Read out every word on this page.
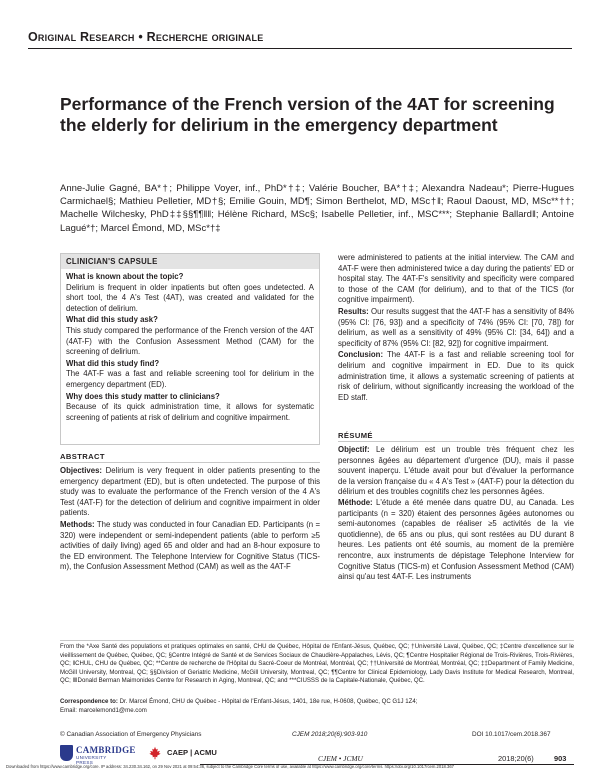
Original Research • Recherche originale
Performance of the French version of the 4AT for screening the elderly for delirium in the emergency department
Anne-Julie Gagné, BA*†; Philippe Voyer, inf., PhD*†‡; Valérie Boucher, BA*†‡; Alexandra Nadeau*; Pierre-Hugues Carmichael§; Mathieu Pelletier, MD†§; Emilie Gouin, MD¶; Simon Berthelot, MD, MSc†‖; Raoul Daoust, MD, MSc**††; Machelle Wilchesky, PhD‡‡§§¶¶‖‖; Hélène Richard, MSc§; Isabelle Pelletier, inf., MSC***; Stephanie Ballard‖; Antoine Lagué*†; Marcel Émond, MD, MSc*†‡
CLINICIAN'S CAPSULE
What is known about the topic?
Delirium is frequent in older inpatients but often goes undetected. A short tool, the 4 A's Test (4AT), was created and validated for the detection of delirium.
What did this study ask?
This study compared the performance of the French version of the 4AT (4AT-F) with the Confusion Assessment Method (CAM) for the screening of delirium.
What did this study find?
The 4AT-F was a fast and reliable screening tool for delirium in the emergency department (ED).
Why does this study matter to clinicians?
Because of its quick administration time, it allows for systematic screening of patients at risk of delirium and cognitive impairment.
ABSTRACT

Objectives: Delirium is very frequent in older patients presenting to the emergency department (ED), but is often undetected. The purpose of this study was to evaluate the performance of the French version of the 4 A's Test (4AT-F) for the detection of delirium and cognitive impairment in older patients.

Methods: The study was conducted in four Canadian ED. Participants (n = 320) were independent or semi-independent patients (able to perform ≥5 activities of daily living) aged 65 and older and had an 8-hour exposure to the ED environment. The Telephone Interview for Cognitive Status (TICS-m), the Confusion Assessment Method (CAM) as well as the 4AT-F

were administered to patients at the initial interview. The CAM and 4AT-F were then administered twice a day during the patients' ED or hospital stay. The 4AT-F's sensitivity and specificity were compared to those of the CAM (for delirium), and to that of the TICS (for cognitive impairment).

Results: Our results suggest that the 4AT-F has a sensitivity of 84% (95% CI: [76, 93]) and a specificity of 74% (95% CI: [70, 78]) for delirium, as well as a sensitivity of 49% (95% CI: [34, 64]) and a specificity of 87% (95% CI: [82, 92]) for cognitive impairment.

Conclusion: The 4AT-F is a fast and reliable screening tool for delirium and cognitive impairment in ED. Due to its quick administration time, it allows a systematic screening of patients at risk of delirium, without significantly increasing the workload of the ED staff.

RÉSUMÉ

Objectif: Le délirium est un trouble très fréquent chez les personnes âgées au département d'urgence (DU), mais il passe souvent inaperçu. L'étude avait pour but d'évaluer la performance de la version française du « 4 A's Test » (4AT-F) pour la détection du délirium et des troubles cognitifs chez les personnes âgées.

Méthode: L'étude a été menée dans quatre DU, au Canada. Les participants (n = 320) étaient des personnes âgées autonomes ou semi-autonomes (capables de réaliser ≥5 activités de la vie quotidienne), de 65 ans ou plus, qui sont restées au DU durant 8 heures. Les patients ont été soumis, au moment de la première rencontre, aux instruments de dépistage Telephone Interview for Cognitive Status (TICS-m) et Confusion Assessment Method (CAM) ainsi qu'au test 4AT-F. Les instruments

From the *Axe Santé des populations et pratiques optimales en santé, CHU de Québec, Hôpital de l'Enfant-Jésus, Québec, QC; †Université Laval, Québec, QC; ‡Centre d'excellence sur le vieillissement de Québec, Québec, QC; §Centre Intégré de Santé et de Services Sociaux de Chaudière-Appalaches, Lévis, QC; ¶Centre Hospitalier Régional de Trois-Rivières, Trois-Rivières, QC; ‖CHUL, CHU de Québec, QC; **Centre de recherche de l'Hôpital du Sacré-Coeur de Montréal, Montréal, QC; ††Université de Montréal, Montréal, QC; ‡‡Department of Family Medicine, McGill University, Montreal, QC; §§Division of Geriatric Medicine, McGill University, Montreal, QC; ¶¶Centre for Clinical Epidemiology, Lady Davis Institute for Medical Research, Montreal, QC; ‖‖Donald Berman Maimonides Centre for Research in Aging, Montreal, QC; and ***CIUSSS de la Capitale-Nationale, Québec, QC.
Correspondence to: Dr. Marcel Émond, CHU de Québec - Hôpital de l'Enfant-Jésus, 1401, 18e rue, H-0608, Québec, QC G1J 1Z4;
Email: marcelemond1@me.com
© Canadian Association of Emergency Physicians	CJEM 2018;20(6):903-910	DOI 10.1017/cem.2018.367
CAMBRIDGE
UNIVERSITY PRESS
CAEP | ACMU
CJEM • JCMU	2018;20(6)	903
Downloaded from https://www.cambridge.org/core. IP address: 34.230.34.162, on 29 Nov 2021 at 09:54:36, subject to the Cambridge Core terms of use, available at https://www.cambridge.org/core/terms. https://doi.org/10.1017/cem.2018.367
